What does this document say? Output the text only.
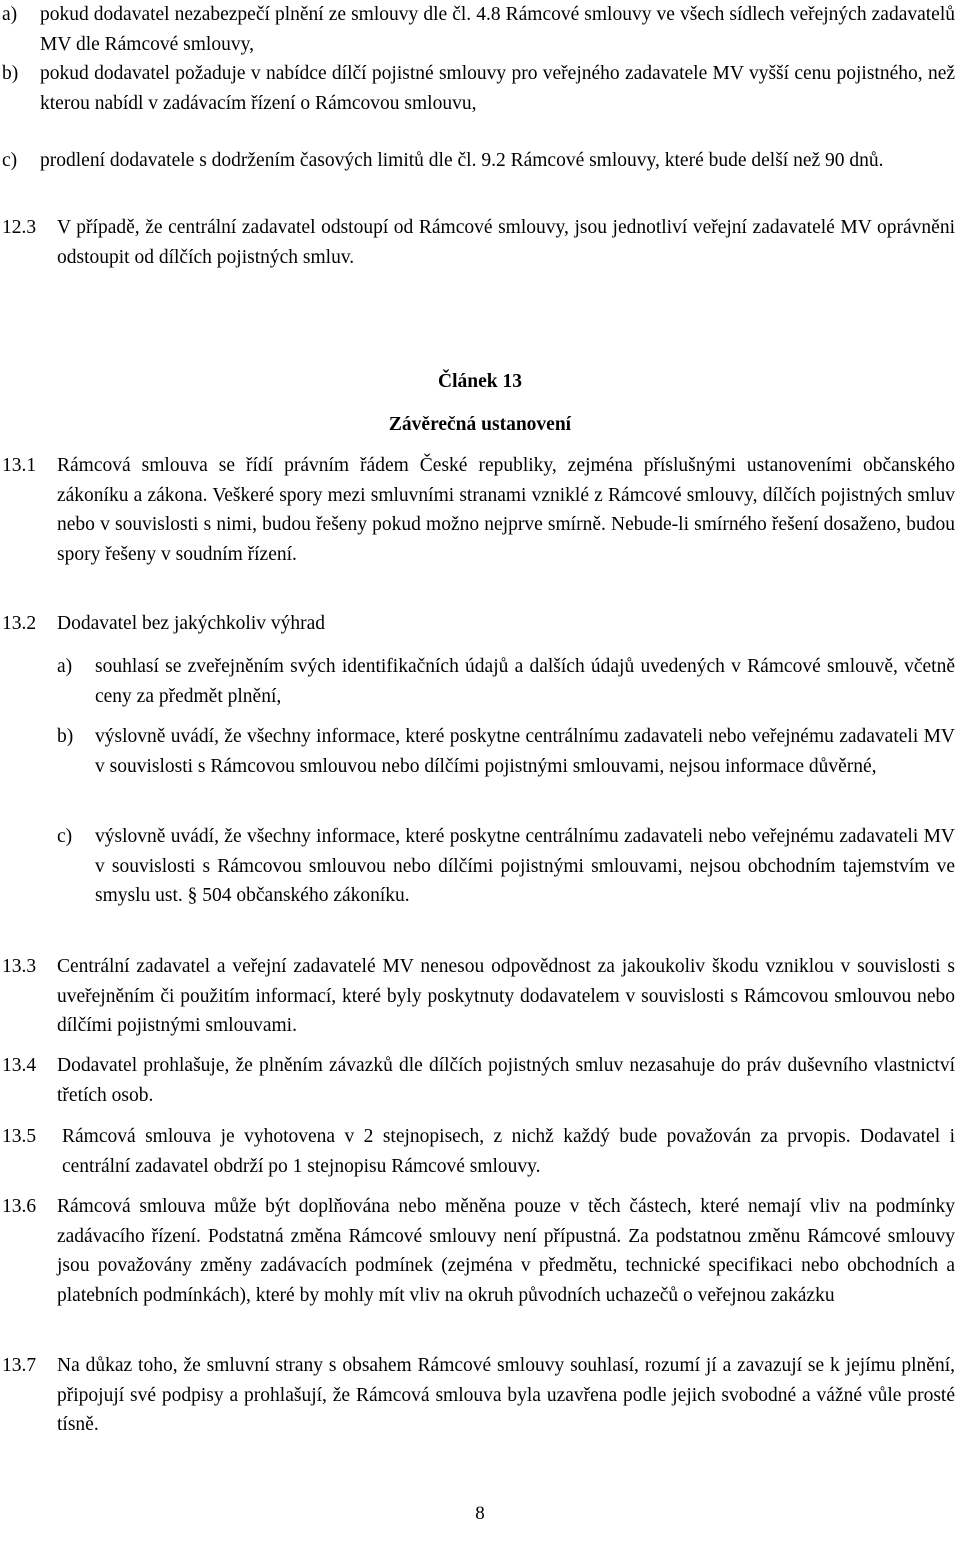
a) pokud dodavatel nezabezpečí plnění ze smlouvy dle čl. 4.8 Rámcové smlouvy ve všech sídlech veřejných zadavatelů MV dle Rámcové smlouvy,
b) pokud dodavatel požaduje v nabídce dílčí pojistné smlouvy pro veřejného zadavatele MV vyšší cenu pojistného, než kterou nabídl v zadávacím řízení o Rámcovou smlouvu,
c) prodlení dodavatele s dodržením časových limitů dle čl. 9.2 Rámcové smlouvy, které bude delší než 90 dnů.
12.3 V případě, že centrální zadavatel odstoupí od Rámcové smlouvy, jsou jednotliví veřejní zadavatelé MV oprávněni odstoupit od dílčích pojistných smluv.
Článek 13
Závěrečná ustanovení
13.1 Rámcová smlouva se řídí právním řádem České republiky, zejména příslušnými ustanoveními občanského zákoníku a zákona. Veškeré spory mezi smluvními stranami vzniklé z Rámcové smlouvy, dílčích pojistných smluv nebo v souvislosti s nimi, budou řešeny pokud možno nejprve smírně. Nebude-li smírného řešení dosaženo, budou spory řešeny v soudním řízení.
13.2 Dodavatel bez jakýchkoliv výhrad
a) souhlasí se zveřejněním svých identifikačních údajů a dalších údajů uvedených v Rámcové smlouvě, včetně ceny za předmět plnění,
b) výslovně uvádí, že všechny informace, které poskytne centrálnímu zadavateli nebo veřejnému zadavateli MV v souvislosti s Rámcovou smlouvou nebo dílčími pojistnými smlouvami, nejsou informace důvěrné,
c) výslovně uvádí, že všechny informace, které poskytne centrálnímu zadavateli nebo veřejnému zadavateli MV v souvislosti s Rámcovou smlouvou nebo dílčími pojistnými smlouvami, nejsou obchodním tajemstvím ve smyslu ust. § 504 občanského zákoníku.
13.3 Centrální zadavatel a veřejní zadavatelé MV nenesou odpovědnost za jakoukoliv škodu vzniklou v souvislosti s uveřejněním či použitím informací, které byly poskytnuty dodavatelem v souvislosti s Rámcovou smlouvou nebo dílčími pojistnými smlouvami.
13.4 Dodavatel prohlašuje, že plněním závazků dle dílčích pojistných smluv nezasahuje do práv duševního vlastnictví třetích osob.
13.5 Rámcová smlouva je vyhotovena v 2 stejnopisech, z nichž každý bude považován za prvopis. Dodavatel i centrální zadavatel obdrží po 1 stejnopisu Rámcové smlouvy.
13.6 Rámcová smlouva může být doplňována nebo měněna pouze v těch částech, které nemají vliv na podmínky zadávacího řízení. Podstatná změna Rámcové smlouvy není přípustná. Za podstatnou změnu Rámcové smlouvy jsou považovány změny zadávacích podmínek (zejména v předmětu, technické specifikaci nebo obchodních a platebních podmínkách), které by mohly mít vliv na okruh původních uchazečů o veřejnou zakázku
13.7 Na důkaz toho, že smluvní strany s obsahem Rámcové smlouvy souhlasí, rozumí jí a zavazují se k jejímu plnění, připojují své podpisy a prohlašují, že Rámcová smlouva byla uzavřena podle jejich svobodné a vážné vůle prosté tísně.
8
